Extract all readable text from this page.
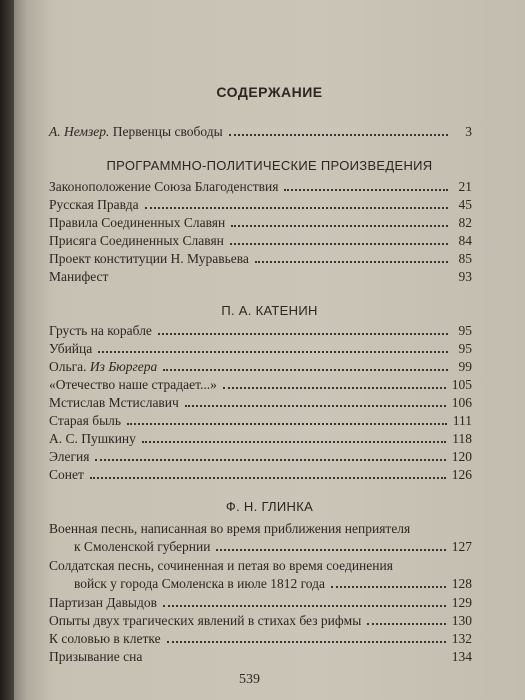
СОДЕРЖАНИЕ
А. Немзер. Первенцы свободы	3
ПРОГРАММНО-ПОЛИТИЧЕСКИЕ ПРОИЗВЕДЕНИЯ
Законоположение Союза Благоденствия	21
Русская Правда	45
Правила Соединенных Славян	82
Присяга Соединенных Славян	84
Проект конституции Н. Муравьева	85
Манифест	93
П. А. КАТЕНИН
Грусть на корабле	95
Убийца	95
Ольга. Из Бюргера	99
«Отечество наше страдает...»	105
Мстислав Мстиславич	106
Старая быль	111
А. С. Пушкину	118
Элегия	120
Сонет	126
Ф. Н. ГЛИНКА
Военная песнь, написанная во время приближения неприятеля
к Смоленской губернии	127
Солдатская песнь, сочиненная и петая во время соединения
войск у города Смоленска в июле 1812 года	128
Партизан Давыдов	129
Опыты двух трагических явлений в стихах без рифмы	130
К соловью в клетке	132
Призывание сна	134
539
